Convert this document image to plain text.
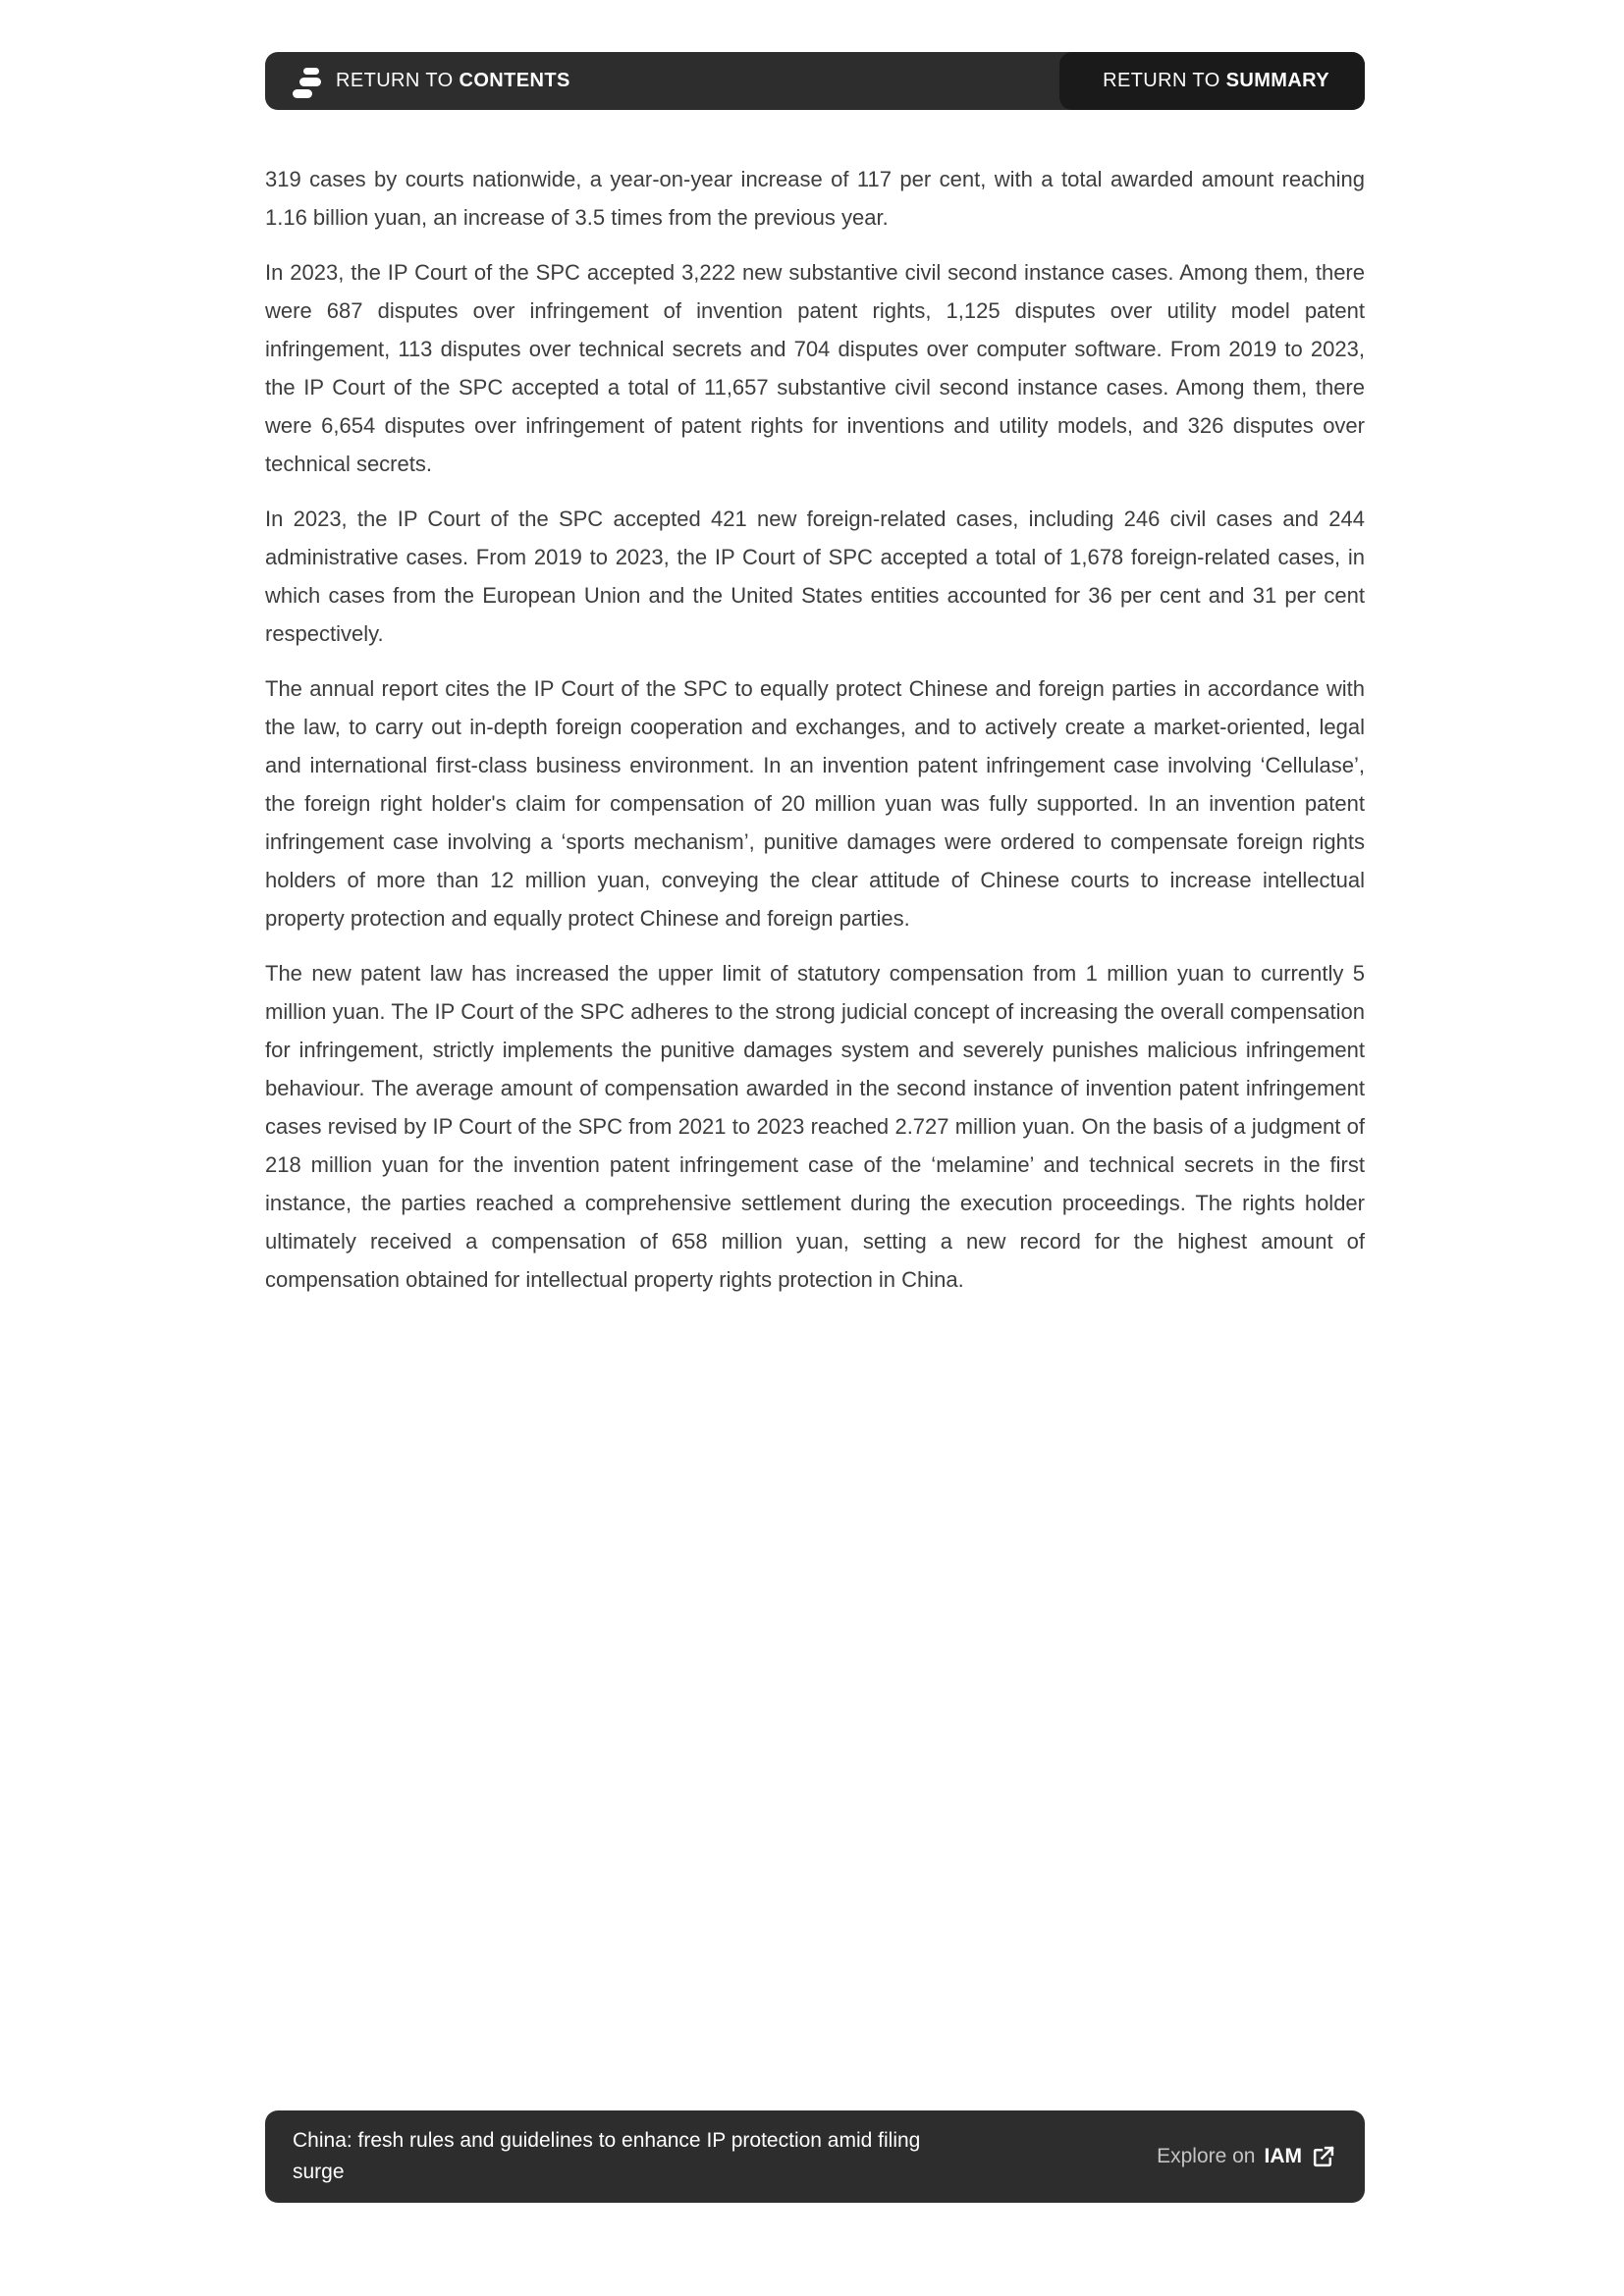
RETURN TO CONTENTS	RETURN TO SUMMARY

319 cases by courts nationwide, a year-on-year increase of 117 per cent, with a total awarded amount reaching 1.16 billion yuan, an increase of 3.5 times from the previous year.

In 2023, the IP Court of the SPC accepted 3,222 new substantive civil second instance cases. Among them, there were 687 disputes over infringement of invention patent rights, 1,125 disputes over utility model patent infringement, 113 disputes over technical secrets and 704 disputes over computer software. From 2019 to 2023, the IP Court of the SPC accepted a total of 11,657 substantive civil second instance cases. Among them, there were 6,654 disputes over infringement of patent rights for inventions and utility models, and 326 disputes over technical secrets.

In 2023, the IP Court of the SPC accepted 421 new foreign-related cases, including 246 civil cases and 244 administrative cases. From 2019 to 2023, the IP Court of SPC accepted a total of 1,678 foreign-related cases, in which cases from the European Union and the United States entities accounted for 36 per cent and 31 per cent respectively.

The annual report cites the IP Court of the SPC to equally protect Chinese and foreign parties in accordance with the law, to carry out in-depth foreign cooperation and exchanges, and to actively create a market-oriented, legal and international first-class business environment. In an invention patent infringement case involving ‘Cellulase’, the foreign right holder's claim for compensation of 20 million yuan was fully supported. In an invention patent infringement case involving a ‘sports mechanism’, punitive damages were ordered to compensate foreign rights holders of more than 12 million yuan, conveying the clear attitude of Chinese courts to increase intellectual property protection and equally protect Chinese and foreign parties.

The new patent law has increased the upper limit of statutory compensation from 1 million yuan to currently 5 million yuan. The IP Court of the SPC adheres to the strong judicial concept of increasing the overall compensation for infringement, strictly implements the punitive damages system and severely punishes malicious infringement behaviour. The average amount of compensation awarded in the second instance of invention patent infringement cases revised by IP Court of the SPC from 2021 to 2023 reached 2.727 million yuan. On the basis of a judgment of 218 million yuan for the invention patent infringement case of the ‘melamine’ and technical secrets in the first instance, the parties reached a comprehensive settlement during the execution proceedings. The rights holder ultimately received a compensation of 658 million yuan, setting a new record for the highest amount of compensation obtained for intellectual property rights protection in China.

China: fresh rules and guidelines to enhance IP protection amid filing surge
Explore on IAM
